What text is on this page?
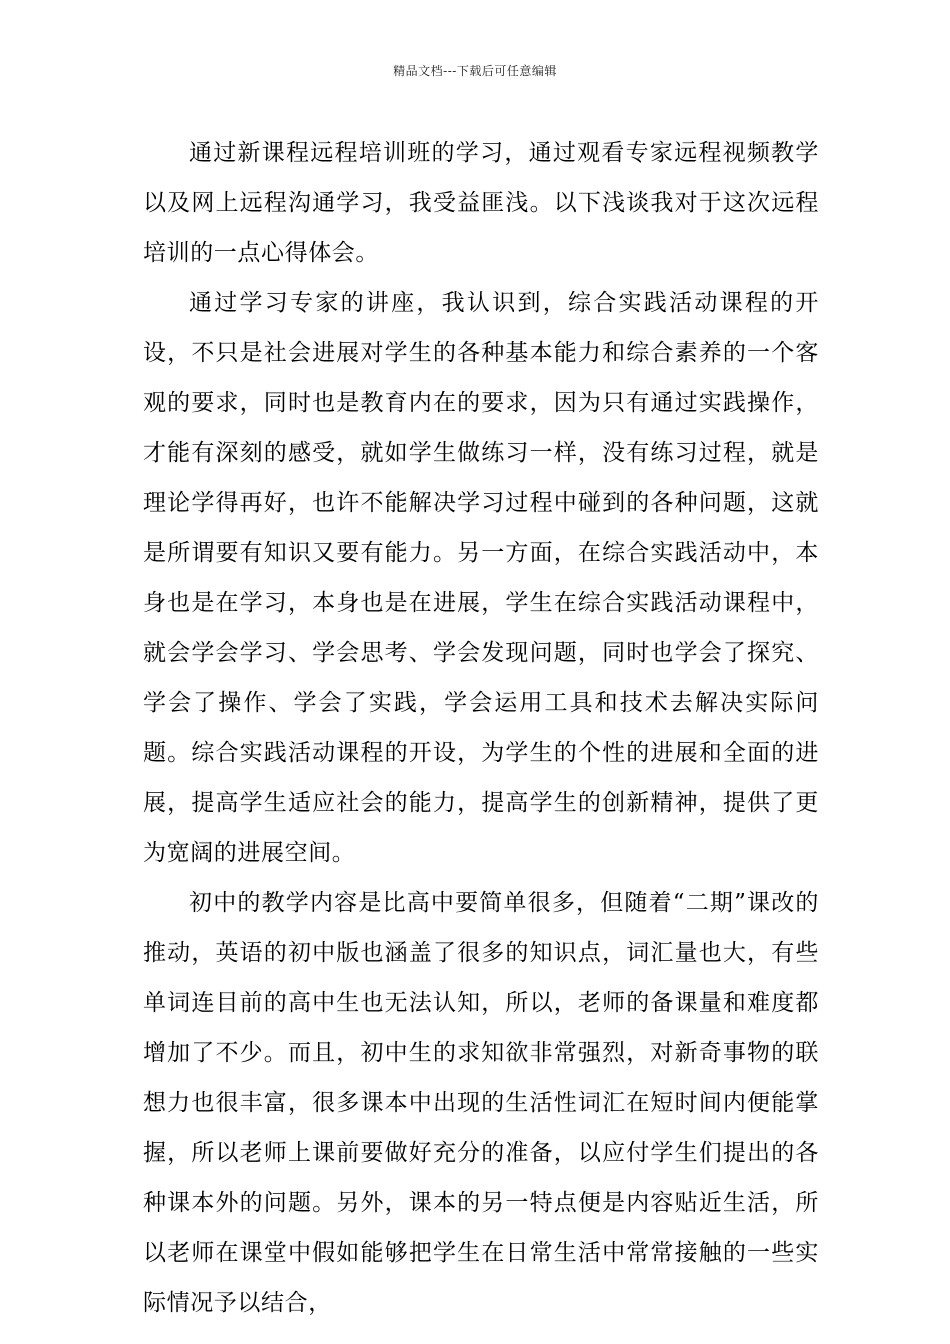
精品文档---下载后可任意编辑

通过新课程远程培训班的学习，通过观看专家远程视频教学以及网上远程沟通学习，我受益匪浅。以下浅谈我对于这次远程培训的一点心得体会。

通过学习专家的讲座，我认识到，综合实践活动课程的开设，不只是社会进展对学生的各种基本能力和综合素养的一个客观的要求，同时也是教育内在的要求，因为只有通过实践操作，才能有深刻的感受，就如学生做练习一样，没有练习过程，就是理论学得再好，也许不能解决学习过程中碰到的各种问题，这就是所谓要有知识又要有能力。另一方面，在综合实践活动中，本身也是在学习，本身也是在进展，学生在综合实践活动课程中，就会学会学习、学会思考、学会发现问题，同时也学会了探究、学会了操作、学会了实践，学会运用工具和技术去解决实际问题。综合实践活动课程的开设，为学生的个性的进展和全面的进展，提高学生适应社会的能力，提高学生的创新精神，提供了更为宽阔的进展空间。

初中的教学内容是比高中要简单很多，但随着“二期”课改的推动，英语的初中版也涵盖了很多的知识点，词汇量也大，有些单词连目前的高中生也无法认知，所以，老师的备课量和难度都增加了不少。而且，初中生的求知欲非常强烈，对新奇事物的联想力也很丰富，很多课本中出现的生活性词汇在短时间内便能掌握，所以老师上课前要做好充分的准备，以应付学生们提出的各种课本外的问题。另外，课本的另一特点便是内容贴近生活，所以老师在课堂中假如能够把学生在日常生活中常常接触的一些实际情况予以结合，
